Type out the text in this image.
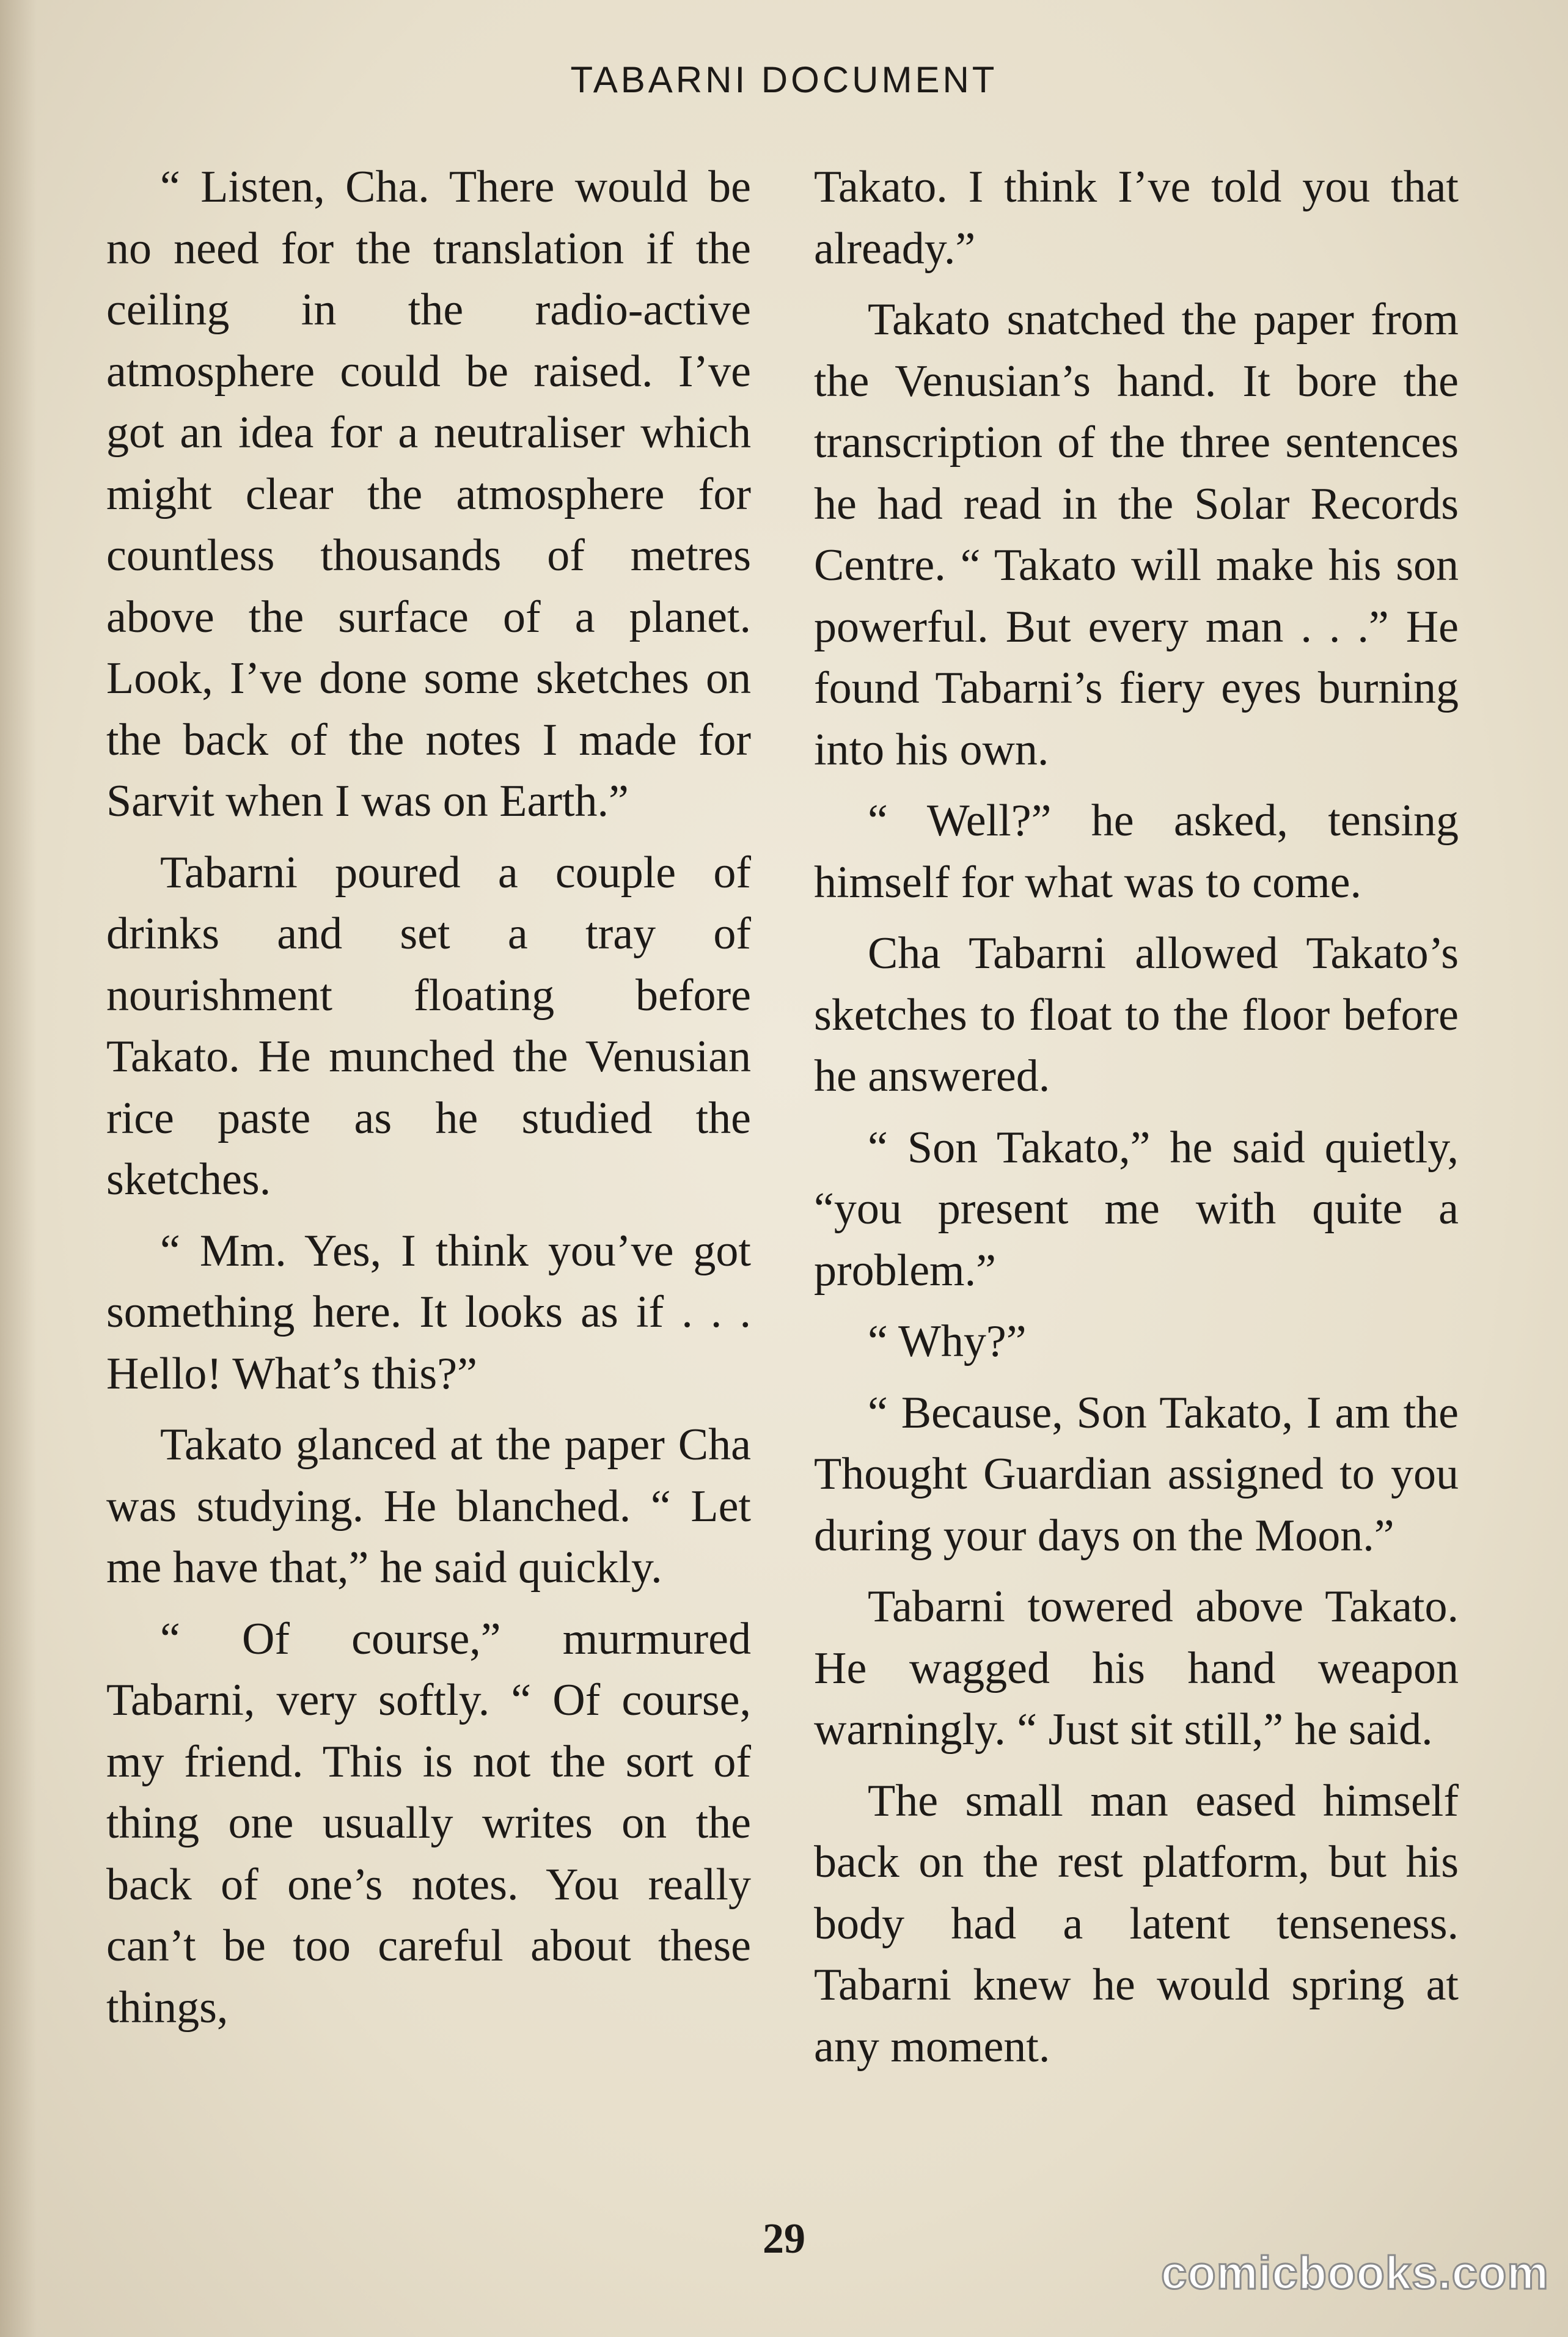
TABARNI DOCUMENT

“ Listen, Cha. There would be no need for the translation if the ceiling in the radio-active atmosphere could be raised. I’ve got an idea for a neutraliser which might clear the atmosphere for countless thousands of metres above the surface of a planet. Look, I’ve done some sketches on the back of the notes I made for Sarvit when I was on Earth.”

Tabarni poured a couple of drinks and set a tray of nourishment floating before Takato. He munched the Venusian rice paste as he studied the sketches.

“ Mm. Yes, I think you’ve got something here. It looks as if . . . Hello! What’s this?”

Takato glanced at the paper Cha was studying. He blanched. “ Let me have that,” he said quickly.

“ Of course,” murmured Tabarni, very softly. “ Of course, my friend. This is not the sort of thing one usually writes on the back of one’s notes. You really can’t be too careful about these things,

Takato. I think I’ve told you that already.”

Takato snatched the paper from the Venusian’s hand. It bore the transcription of the three sentences he had read in the Solar Records Centre. “ Takato will make his son powerful. But every man . . .” He found Tabarni’s fiery eyes burning into his own.

“ Well?” he asked, tensing himself for what was to come.

Cha Tabarni allowed Takato’s sketches to float to the floor before he answered.

“ Son Takato,” he said quietly, “you present me with quite a problem.”

“ Why?”

“ Because, Son Takato, I am the Thought Guardian assigned to you during your days on the Moon.”

Tabarni towered above Takato. He wagged his hand weapon warningly. “ Just sit still,” he said.

The small man eased himself back on the rest platform, but his body had a latent tenseness. Tabarni knew he would spring at any moment.

29
comicbooks.com
